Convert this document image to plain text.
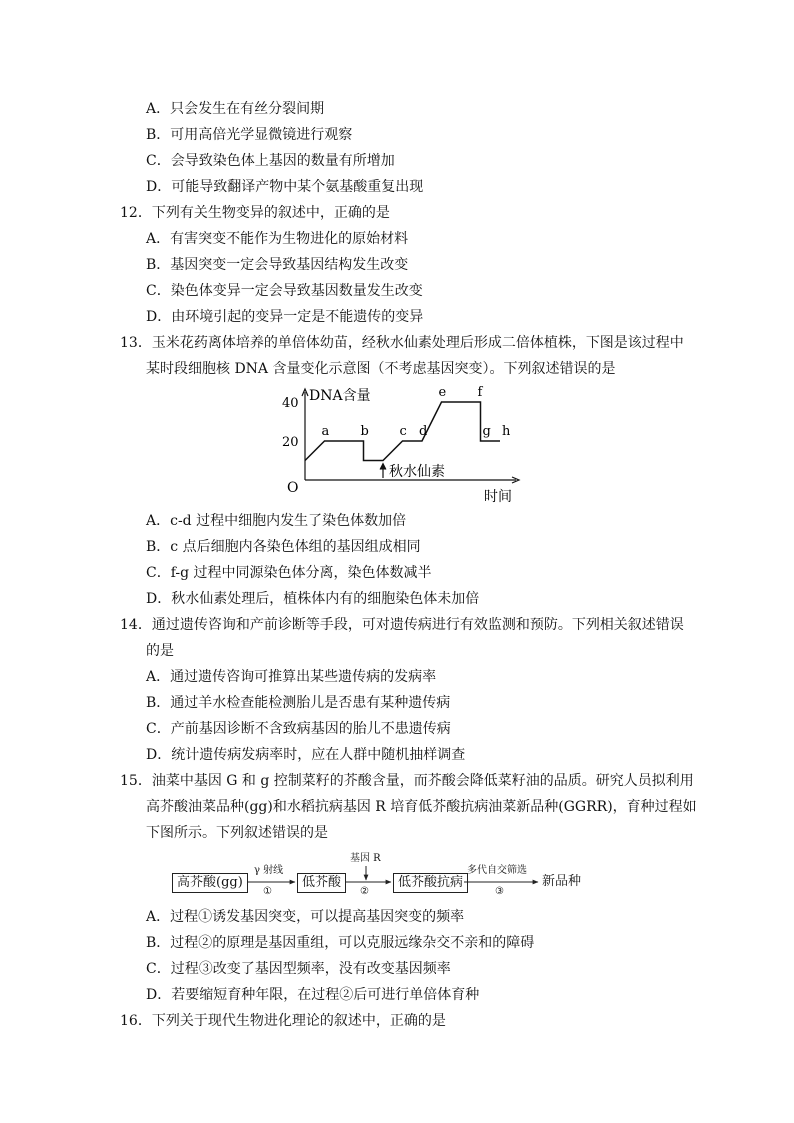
A．只会发生在有丝分裂间期
B．可用高倍光学显微镜进行观察
C．会导致染色体上基因的数量有所增加
D．可能导致翻译产物中某个氨基酸重复出现
12．下列有关生物变异的叙述中，正确的是
A．有害突变不能作为生物进化的原始材料
B．基因突变一定会导致基因结构发生改变
C．染色体变异一定会导致基因数量发生改变
D．由环境引起的变异一定是不能遗传的变异
13．玉米花药离体培养的单倍体幼苗，经秋水仙素处理后形成二倍体植株，下图是该过程中
某时段细胞核 DNA 含量变化示意图（不考虑基因突变）。下列叙述错误的是
DNA含量
时间
O
20
40
a b c d
e f
g h
秋水仙素
A．c-d 过程中细胞内发生了染色体数加倍
B．c 点后细胞内各染色体组的基因组成相同
C．f-g 过程中同源染色体分离，染色体数减半
D．秋水仙素处理后，植株体内有的细胞染色体未加倍
14．通过遗传咨询和产前诊断等手段，可对遗传病进行有效监测和预防。下列相关叙述错误
的是
A．通过遗传咨询可推算出某些遗传病的发病率
B．通过羊水检查能检测胎儿是否患有某种遗传病
C．产前基因诊断不含致病基因的胎儿不患遗传病
D．统计遗传病发病率时，应在人群中随机抽样调查
15．油菜中基因 G 和 g 控制菜籽的芥酸含量，而芥酸会降低菜籽油的品质。研究人员拟利用
高芥酸油菜品种(gg)和水稻抗病基因 R 培育低芥酸抗病油菜新品种(GGRR)，育种过程如
下图所示。下列叙述错误的是
高芥酸(gg)
γ 射线
①
低芥酸
基因 R
②
低芥酸抗病
多代自交筛选
③
新品种
A．过程①诱发基因突变，可以提高基因突变的频率
B．过程②的原理是基因重组，可以克服远缘杂交不亲和的障碍
C．过程③改变了基因型频率，没有改变基因频率
D．若要缩短育种年限，在过程②后可进行单倍体育种
16．下列关于现代生物进化理论的叙述中，正确的是
